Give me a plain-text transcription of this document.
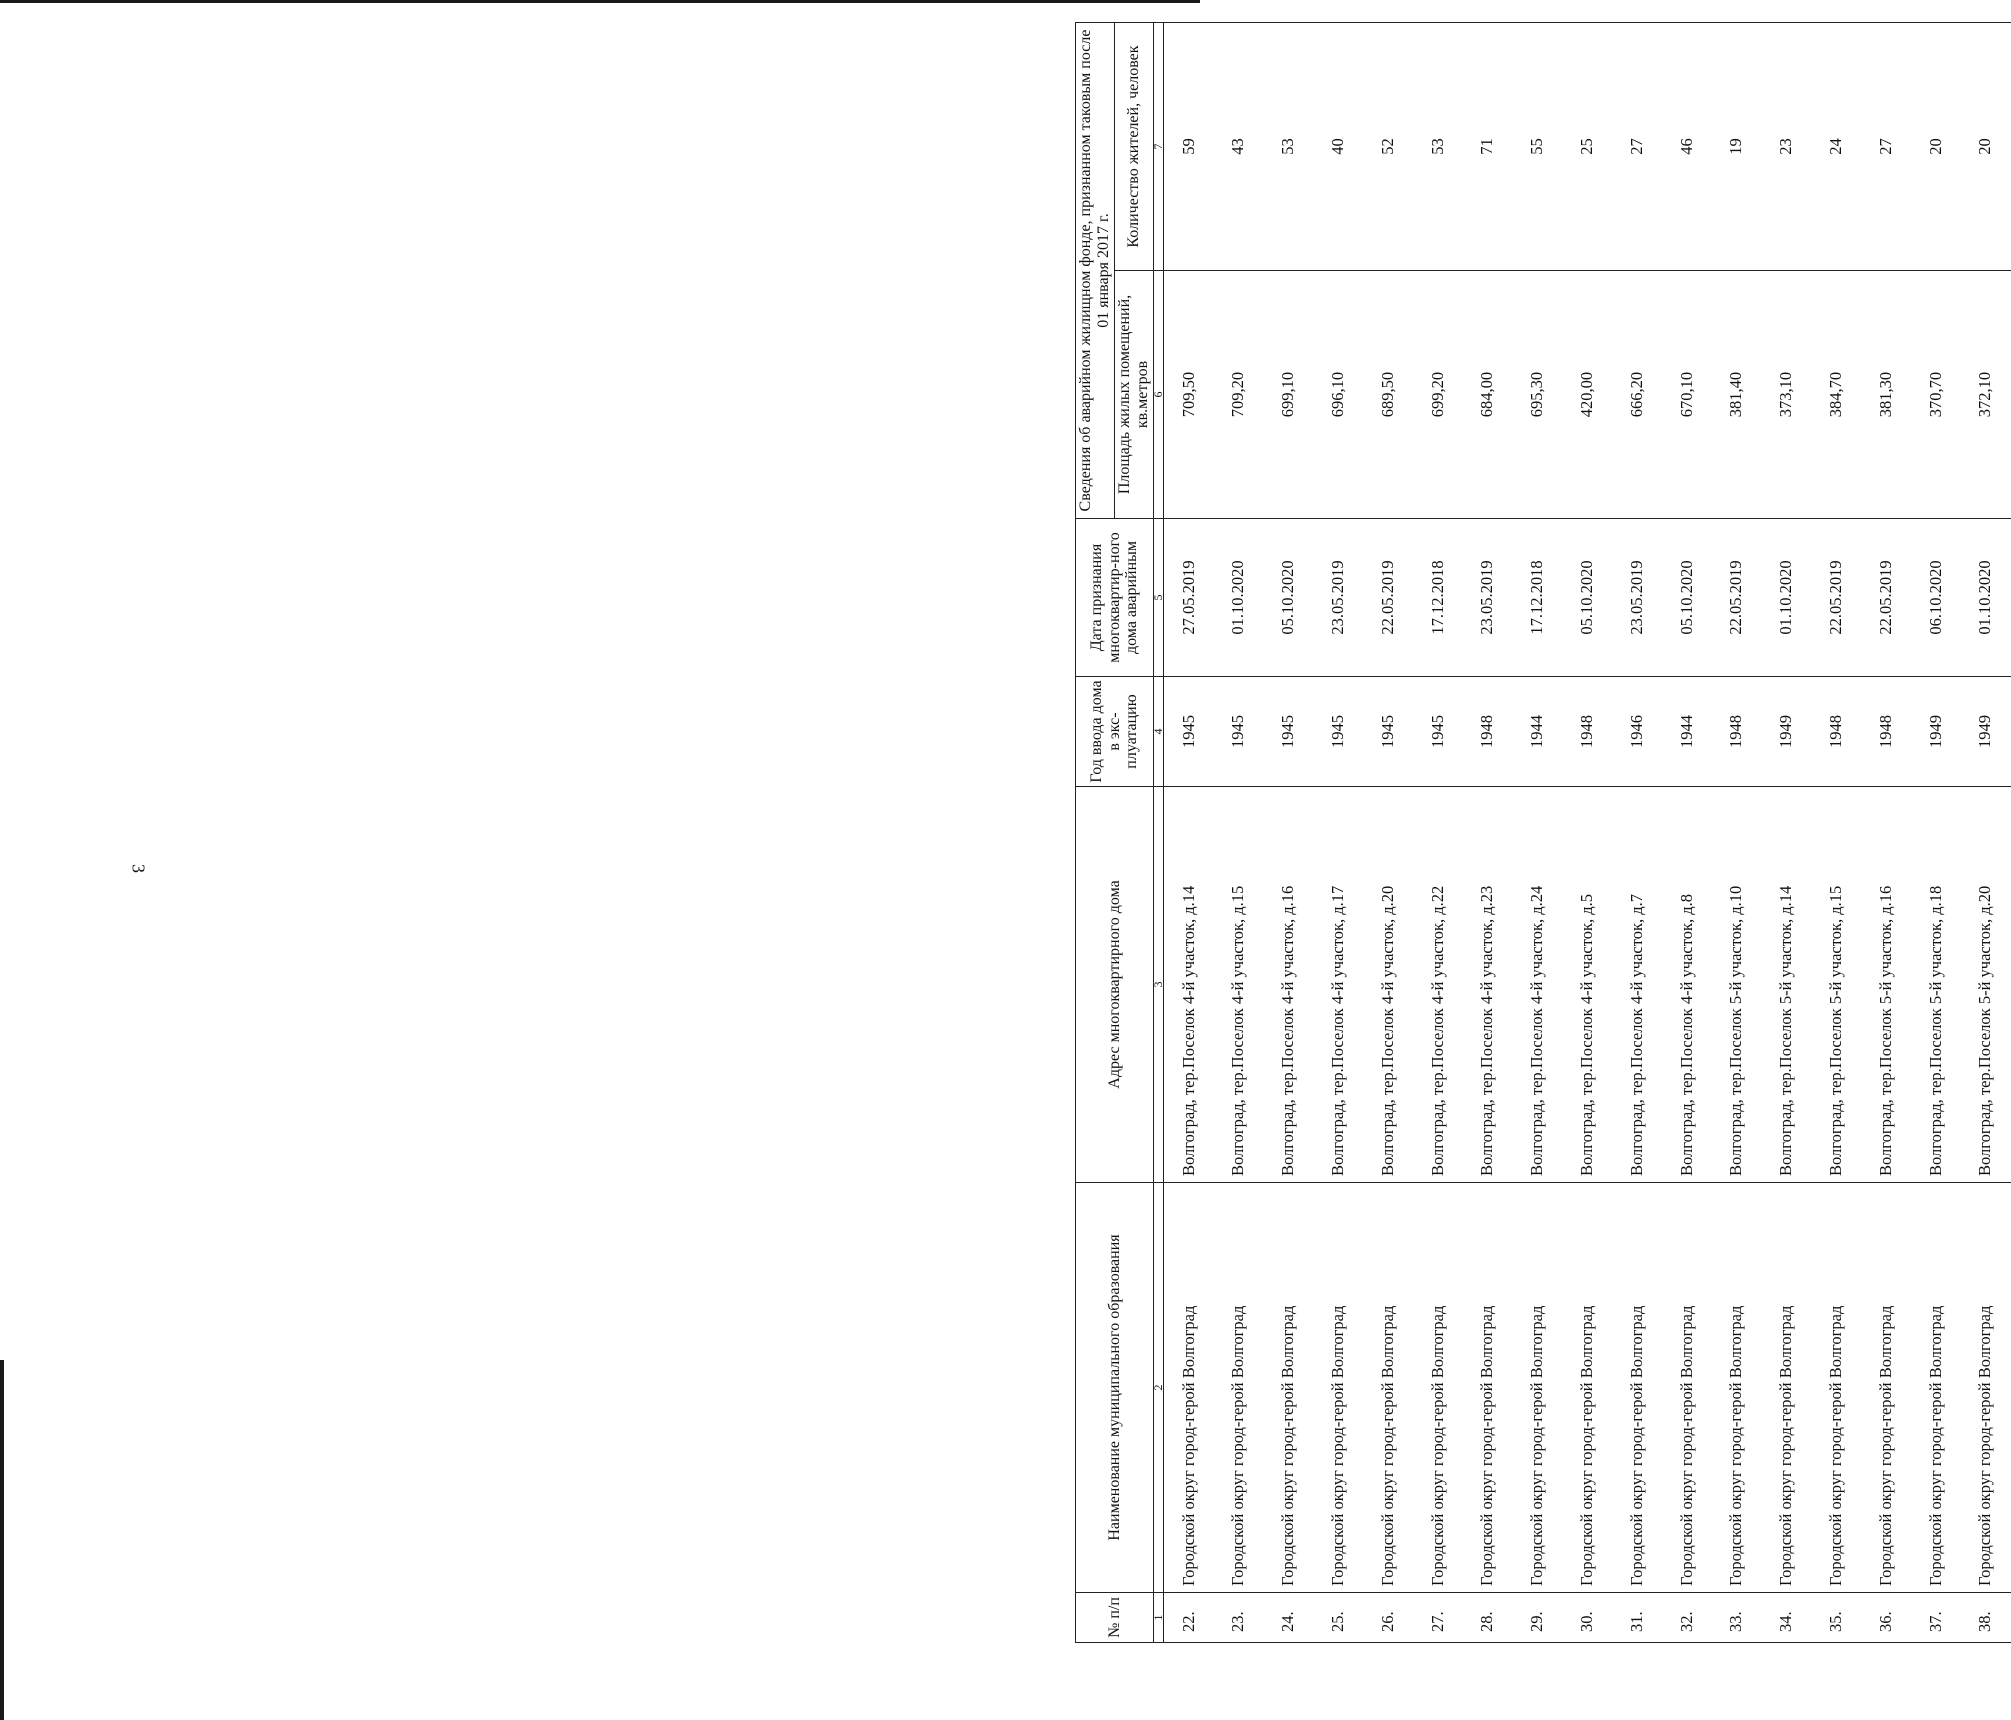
3
№ п/п	Наименование муниципального образования	Адрес многоквартирного дома	Год ввода дома в экс-плуатацию	Дата признания многоквартир-ного дома аварийным	Сведения об аварийном жилищном фонде, признанном таковым после 01 января 2017 г.	
					Площадь жилых помещений, кв.метров	Количество жителей, человек
1	2	3	4	5	6	7
22.	Городской округ город-герой Волгоград	Волгоград, тер.Поселок 4-й участок, д.14	1945	27.05.2019	709,50	59
23.	Городской округ город-герой Волгоград	Волгоград, тер.Поселок 4-й участок, д.15	1945	01.10.2020	709,20	43
24.	Городской округ город-герой Волгоград	Волгоград, тер.Поселок 4-й участок, д.16	1945	05.10.2020	699,10	53
25.	Городской округ город-герой Волгоград	Волгоград, тер.Поселок 4-й участок, д.17	1945	23.05.2019	696,10	40
26.	Городской округ город-герой Волгоград	Волгоград, тер.Поселок 4-й участок, д.20	1945	22.05.2019	689,50	52
27.	Городской округ город-герой Волгоград	Волгоград, тер.Поселок 4-й участок, д.22	1945	17.12.2018	699,20	53
28.	Городской округ город-герой Волгоград	Волгоград, тер.Поселок 4-й участок, д.23	1948	23.05.2019	684,00	71
29.	Городской округ город-герой Волгоград	Волгоград, тер.Поселок 4-й участок, д.24	1944	17.12.2018	695,30	55
30.	Городской округ город-герой Волгоград	Волгоград, тер.Поселок 4-й участок, д.5	1948	05.10.2020	420,00	25
31.	Городской округ город-герой Волгоград	Волгоград, тер.Поселок 4-й участок, д.7	1946	23.05.2019	666,20	27
32.	Городской округ город-герой Волгоград	Волгоград, тер.Поселок 4-й участок, д.8	1944	05.10.2020	670,10	46
33.	Городской округ город-герой Волгоград	Волгоград, тер.Поселок 5-й участок, д.10	1948	22.05.2019	381,40	19
34.	Городской округ город-герой Волгоград	Волгоград, тер.Поселок 5-й участок, д.14	1949	01.10.2020	373,10	23
35.	Городской округ город-герой Волгоград	Волгоград, тер.Поселок 5-й участок, д.15	1948	22.05.2019	384,70	24
36.	Городской округ город-герой Волгоград	Волгоград, тер.Поселок 5-й участок, д.16	1948	22.05.2019	381,30	27
37.	Городской округ город-герой Волгоград	Волгоград, тер.Поселок 5-й участок, д.18	1949	06.10.2020	370,70	20
38.	Городской округ город-герой Волгоград	Волгоград, тер.Поселок 5-й участок, д.20	1949	01.10.2020	372,10	20
